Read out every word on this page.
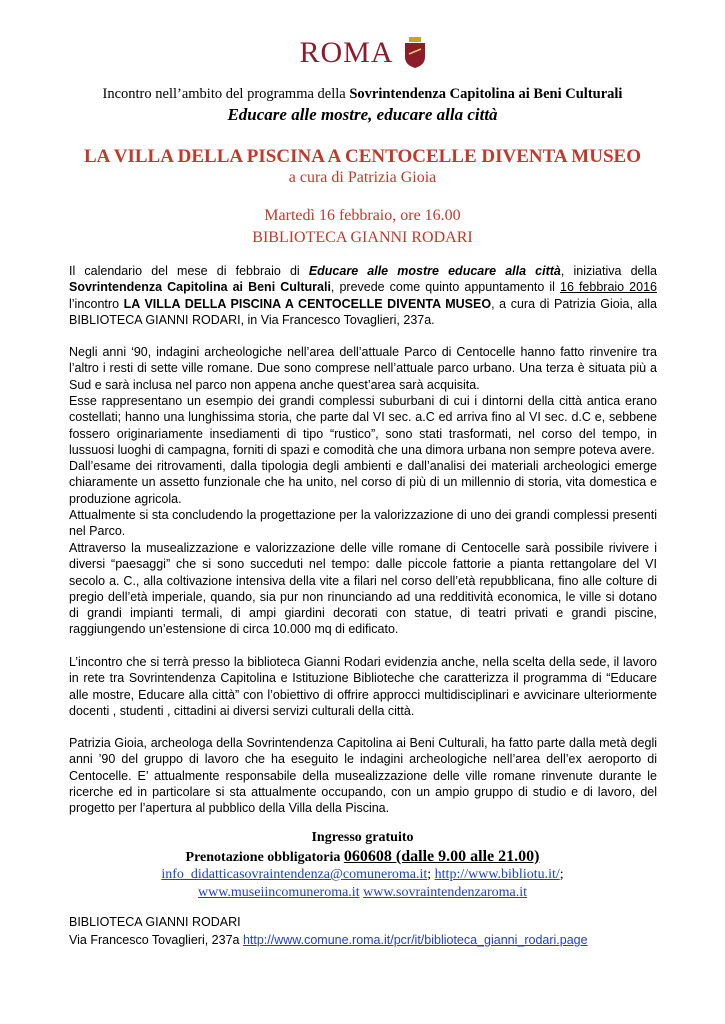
ROMA
Incontro nell’ambito del programma della Sovrintendenza Capitolina ai Beni Culturali
Educare alle mostre, educare alla città
LA VILLA DELLA PISCINA A CENTOCELLE DIVENTA MUSEO
a cura di Patrizia Gioia
Martedì 16 febbraio, ore 16.00
BIBLIOTECA GIANNI RODARI
Il calendario del mese di febbraio di Educare alle mostre educare alla città, iniziativa della Sovrintendenza Capitolina ai Beni Culturali, prevede come quinto appuntamento il 16 febbraio 2016 l’incontro LA VILLA DELLA PISCINA A CENTOCELLE DIVENTA MUSEO, a cura di Patrizia Gioia, alla BIBLIOTECA GIANNI RODARI, in Via Francesco Tovaglieri, 237a.
Negli anni ‘90, indagini archeologiche nell’area dell’attuale Parco di Centocelle hanno fatto rinvenire tra l’altro i resti di sette ville romane. Due sono comprese nell’attuale parco urbano. Una terza è situata più a Sud e sarà inclusa nel parco non appena anche quest’area sarà acquisita.
Esse rappresentano un esempio dei grandi complessi suburbani di cui i dintorni della città antica erano costellati; hanno una lunghissima storia, che parte dal VI sec. a.C ed arriva fino al VI sec. d.C e, sebbene fossero originariamente insediamenti di tipo “rustico”, sono stati trasformati, nel corso del tempo, in lussuosi luoghi di campagna, forniti di spazi e comodità che una dimora urbana non sempre poteva avere.
Dall’esame dei ritrovamenti, dalla tipologia degli ambienti e dall’analisi dei materiali archeologici emerge chiaramente un assetto funzionale che ha unito, nel corso di più di un millennio di storia, vita domestica e produzione agricola.
Attualmente si sta concludendo la progettazione per la valorizzazione di uno dei grandi complessi presenti nel Parco.
Attraverso la musealizzazione e valorizzazione delle ville romane di Centocelle sarà possibile rivivere i diversi “paesaggi” che si sono succeduti nel tempo: dalle piccole fattorie a pianta rettangolare del VI secolo a. C., alla coltivazione intensiva della vite a filari nel corso dell’età repubblicana, fino alle colture di pregio dell’età imperiale, quando, sia pur non rinunciando ad una redditività economica, le ville si dotano di grandi impianti termali, di ampi giardini decorati con statue, di teatri privati e grandi piscine, raggiungendo un’estensione di circa 10.000 mq di edificato.
L’incontro che si terrà presso la biblioteca Gianni Rodari evidenzia anche, nella scelta della sede, il lavoro in rete tra Sovrintendenza Capitolina e Istituzione Biblioteche che caratterizza il programma di “Educare alle mostre, Educare alla città” con l’obiettivo di offrire approcci multidisciplinari e avvicinare ulteriormente docenti , studenti , cittadini ai diversi servizi culturali della città.
Patrizia Gioia, archeologa della Sovrintendenza Capitolina ai Beni Culturali, ha fatto parte dalla metà degli anni ’90 del gruppo di lavoro che ha eseguito le indagini archeologiche nell’area dell’ex aeroporto di Centocelle. E’ attualmente responsabile della musealizzazione delle ville romane rinvenute durante le ricerche ed in particolare si sta attualmente occupando, con un ampio gruppo di studio e di lavoro, del progetto per l’apertura al pubblico della Villa della Piscina.
Ingresso gratuito
Prenotazione obbligatoria 060608 (dalle 9.00 alle 21.00)
info_didatticasovraintendenza@comuneroma.it; http://www.bibliotu.it/;
www.museiincomuneroma.it www.sovraintendenzaroma.it
BIBLIOTECA GIANNI RODARI
Via Francesco Tovaglieri, 237a http://www.comune.roma.it/pcr/it/biblioteca_gianni_rodari.page
